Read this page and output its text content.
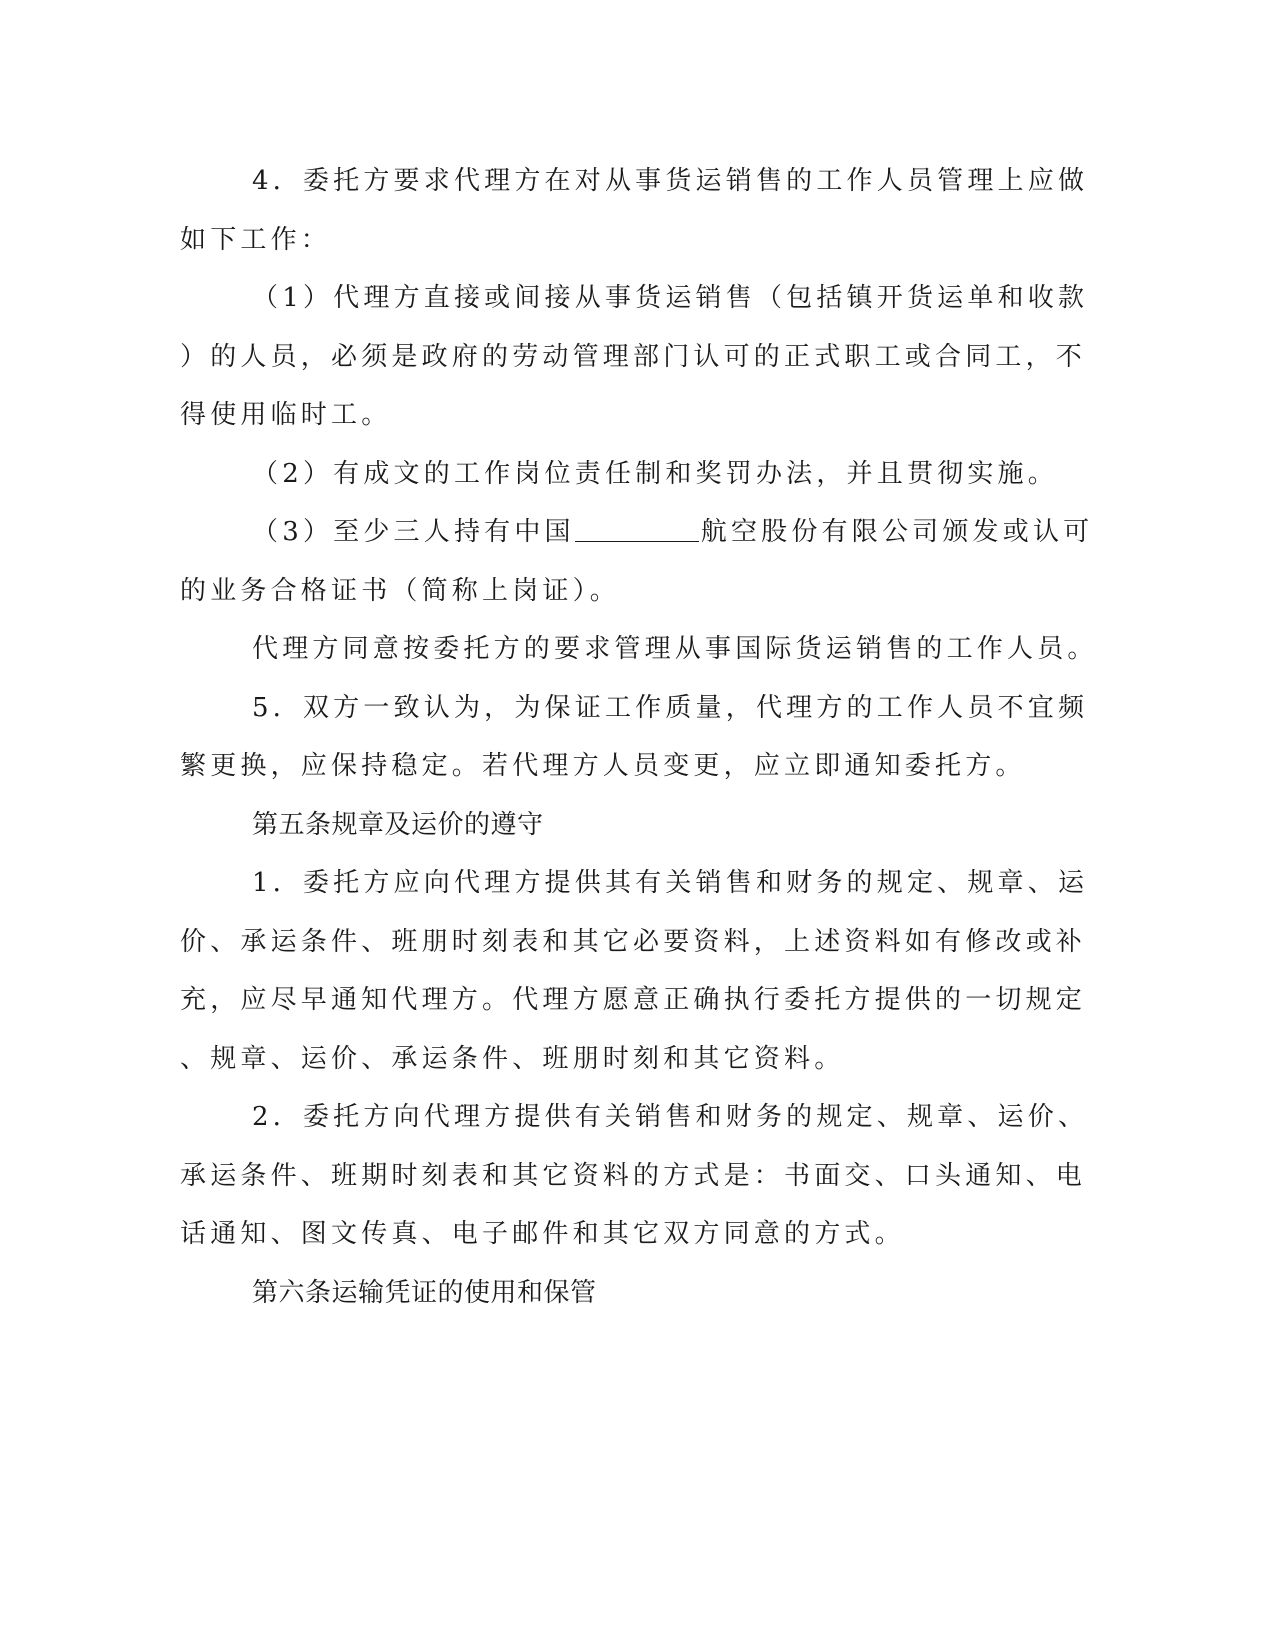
4．委托方要求代理方在对从事货运销售的工作人员管理上应做
如下工作：
（1）代理方直接或间接从事货运销售（包括镇开货运单和收款
）的人员，必须是政府的劳动管理部门认可的正式职工或合同工，不
得使用临时工。
（2）有成文的工作岗位责任制和奖罚办法，并且贯彻实施。
（3）至少三人持有中国	航空股份有限公司颁发或认可
的业务合格证书（简称上岗证）。
代理方同意按委托方的要求管理从事国际货运销售的工作人员。
5．双方一致认为，为保证工作质量，代理方的工作人员不宜频
繁更换，应保持稳定。若代理方人员变更，应立即通知委托方。
第五条规章及运价的遵守
1．委托方应向代理方提供其有关销售和财务的规定、规章、运
价、承运条件、班朋时刻表和其它必要资料，上述资料如有修改或补
充，应尽早通知代理方。代理方愿意正确执行委托方提供的一切规定
、规章、运价、承运条件、班朋时刻和其它资料。
2．委托方向代理方提供有关销售和财务的规定、规章、运价、
承运条件、班期时刻表和其它资料的方式是：书面交、口头通知、电
话通知、图文传真、电子邮件和其它双方同意的方式。
第六条运输凭证的使用和保管
